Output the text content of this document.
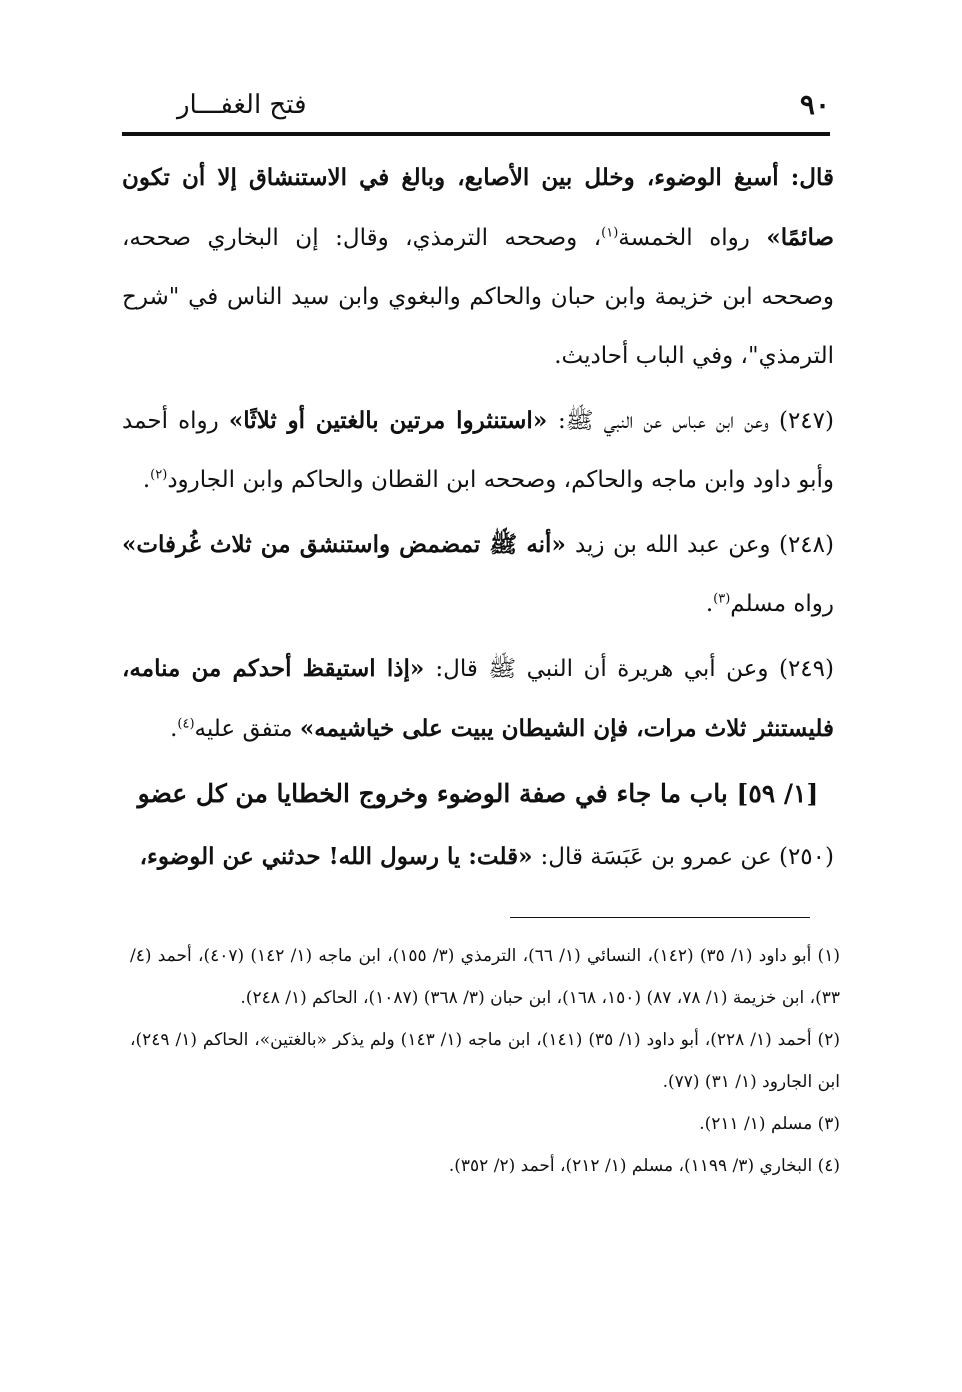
٩٠
فتح الغفـــار

قال: أسبغ الوضوء، وخلل بين الأصابع، وبالغ في الاستنشاق إلا أن تكون صائمًا» رواه الخمسة$^{(١)}$، وصححه الترمذي، وقال: إن البخاري صححه، وصححه ابن خزيمة وابن حبان والحاكم والبغوي وابن سيد الناس في "شرح الترمذي"، وفي الباب أحاديث.

(٢٤٧) وعن ابن عباس عن النبي ﷺ: «استنثروا مرتين بالغتين أو ثلاثًا» رواه أحمد وأبو داود وابن ماجه والحاكم، وصححه ابن القطان والحاكم وابن الجارود$^{(٢)}$.

(٢٤٨) وعن عبد الله بن زيد «أنه ﷺ تمضمض واستنشق من ثلاث غُرفات» رواه مسلم$^{(٣)}$.

(٢٤٩) وعن أبي هريرة أن النبي ﷺ قال: «إذا استيقظ أحدكم من منامه، فليستنثر ثلاث مرات، فإن الشيطان يبيت على خياشيمه» متفق عليه$^{(٤)}$.

[١/ ٥٩] باب ما جاء في صفة الوضوء وخروج الخطايا من كل عضو

(٢٥٠) عن عمرو بن عَبَسَة قال: «قلت: يا رسول الله! حدثني عن الوضوء،

(١) أبو داود (١/ ٣٥) (١٤٢)، النسائي (١/ ٦٦)، الترمذي (٣/ ١٥٥)، ابن ماجه (١/ ١٤٢) (٤٠٧)، أحمد (٤/ ٣٣)، ابن خزيمة (١/ ٧٨، ٨٧) (١٥٠، ١٦٨)، ابن حبان (٣/ ٣٦٨) (١٠٨٧)، الحاكم (١/ ٢٤٨).

(٢) أحمد (١/ ٢٢٨)، أبو داود (١/ ٣٥) (١٤١)، ابن ماجه (١/ ١٤٣) ولم يذكر «بالغتين»، الحاكم (١/ ٢٤٩)، ابن الجارود (١/ ٣١) (٧٧).

(٣) مسلم (١/ ٢١١).

(٤) البخاري (٣/ ١١٩٩)، مسلم (١/ ٢١٢)، أحمد (٢/ ٣٥٢).
